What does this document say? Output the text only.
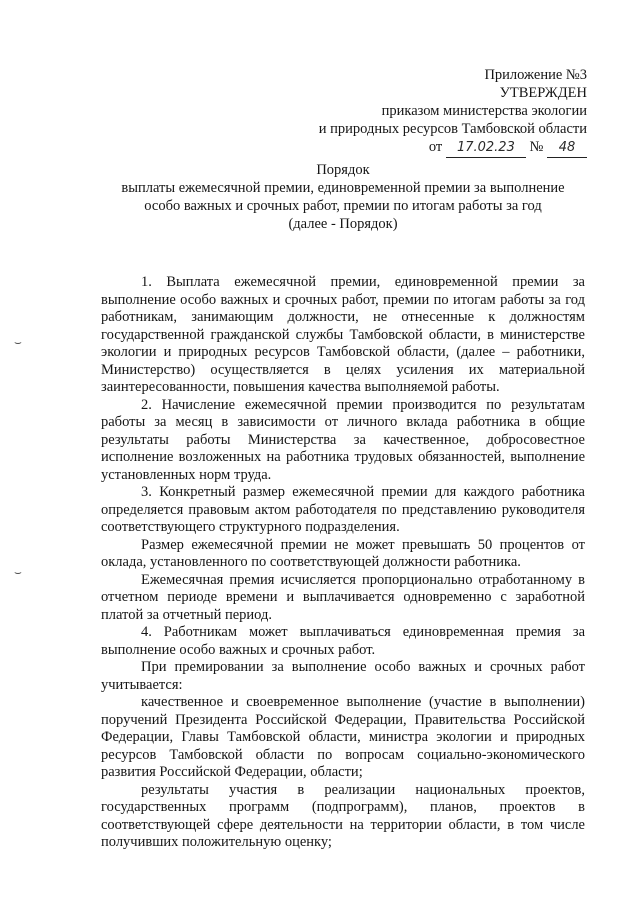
⌣
⌣
Приложение №3
УТВЕРЖДЕН
приказом министерства экологии
и природных ресурсов Тамбовской области
от 17.02.23 № 48
Порядок
выплаты ежемесячной премии, единовременной премии за выполнение
особо важных и срочных работ, премии по итогам работы за год
(далее - Порядок)

1. Выплата ежемесячной премии, единовременной премии за выполнение особо важных и срочных работ, премии по итогам работы за год работникам, занимающим должности, не отнесенные к должностям государственной гражданской службы Тамбовской области, в министерстве экологии и природных ресурсов Тамбовской области, (далее – работники, Министерство) осуществляется в целях усиления их материальной заинтересованности, повышения качества выполняемой работы.

2. Начисление ежемесячной премии производится по результатам работы за месяц в зависимости от личного вклада работника в общие результаты работы Министерства за качественное, добросовестное исполнение возложенных на работника трудовых обязанностей, выполнение установленных норм труда.

3. Конкретный размер ежемесячной премии для каждого работника определяется правовым актом работодателя по представлению руководителя соответствующего структурного подразделения.

Размер ежемесячной премии не может превышать 50 процентов от оклада, установленного по соответствующей должности работника.

Ежемесячная премия исчисляется пропорционально отработанному в отчетном периоде времени и выплачивается одновременно с заработной платой за отчетный период.

4. Работникам может выплачиваться единовременная премия за выполнение особо важных и срочных работ.

При премировании за выполнение особо важных и срочных работ учитывается:

качественное и своевременное выполнение (участие в выполнении) поручений Президента Российской Федерации, Правительства Российской Федерации, Главы Тамбовской области, министра экологии и природных ресурсов Тамбовской области по вопросам социально-экономического развития Российской Федерации, области;

результаты участия в реализации национальных проектов, государственных программ (подпрограмм), планов, проектов в соответствующей сфере деятельности на территории области, в том числе получивших положительную оценку;
